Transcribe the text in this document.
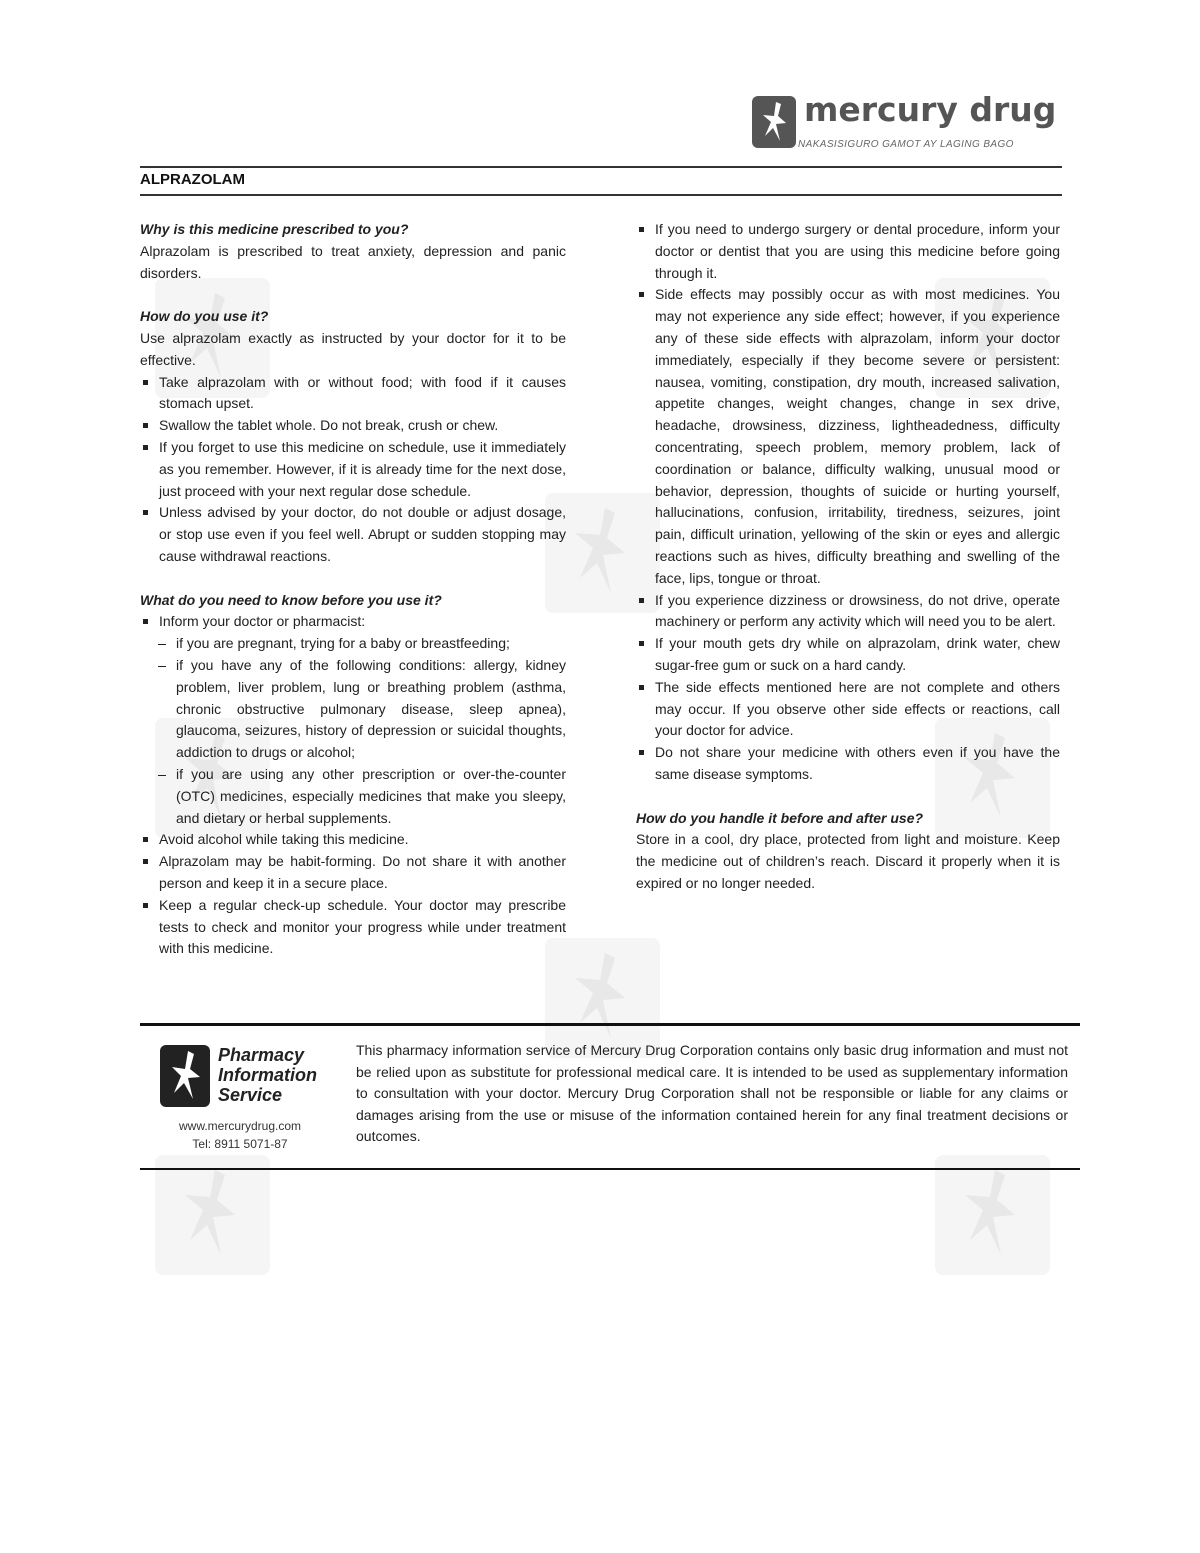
mercury drug
NAKASISIGURO GAMOT AY LAGING BAGO
ALPRAZOLAM
Why is this medicine prescribed to you?

Alprazolam is prescribed to treat anxiety, depression and panic disorders.

How do you use it?

Use alprazolam exactly as instructed by your doctor for it to be effective.

Take alprazolam with or without food; with food if it causes stomach upset.
Swallow the tablet whole. Do not break, crush or chew.
If you forget to use this medicine on schedule, use it immediately as you remember. However, if it is already time for the next dose, just proceed with your next regular dose schedule.
Unless advised by your doctor, do not double or adjust dosage, or stop use even if you feel well. Abrupt or sudden stopping may cause withdrawal reactions.
What do you need to know before you use it?
Inform your doctor or pharmacist:
if you are pregnant, trying for a baby or breastfeeding;
if you have any of the following conditions: allergy, kidney problem, liver problem, lung or breathing problem (asthma, chronic obstructive pulmonary disease, sleep apnea), glaucoma, seizures, history of depression or suicidal thoughts, addiction to drugs or alcohol;
if you are using any other prescription or over-the-counter (OTC) medicines, especially medicines that make you sleepy, and dietary or herbal supplements.
Avoid alcohol while taking this medicine.
Alprazolam may be habit-forming. Do not share it with another person and keep it in a secure place.
Keep a regular check-up schedule. Your doctor may prescribe tests to check and monitor your progress while under treatment with this medicine.
If you need to undergo surgery or dental procedure, inform your doctor or dentist that you are using this medicine before going through it.
Side effects may possibly occur as with most medicines. You may not experience any side effect; however, if you experience any of these side effects with alprazolam, inform your doctor immediately, especially if they become severe or persistent: nausea, vomiting, constipation, dry mouth, increased salivation, appetite changes, weight changes, change in sex drive, headache, drowsiness, dizziness, lightheadedness, difficulty concentrating, speech problem, memory problem, lack of coordination or balance, difficulty walking, unusual mood or behavior, depression, thoughts of suicide or hurting yourself, hallucinations, confusion, irritability, tiredness, seizures, joint pain, difficult urination, yellowing of the skin or eyes and allergic reactions such as hives, difficulty breathing and swelling of the face, lips, tongue or throat.
If you experience dizziness or drowsiness, do not drive, operate machinery or perform any activity which will need you to be alert.
If your mouth gets dry while on alprazolam, drink water, chew sugar-free gum or suck on a hard candy.
The side effects mentioned here are not complete and others may occur. If you observe other side effects or reactions, call your doctor for advice.
Do not share your medicine with others even if you have the same disease symptoms.
How do you handle it before and after use?

Store in a cool, dry place, protected from light and moisture. Keep the medicine out of children’s reach. Discard it properly when it is expired or no longer needed.

Pharmacy
Information
Service
www.mercurydrug.com
Tel: 8911 5071-87
This pharmacy information service of Mercury Drug Corporation contains only basic drug information and must not be relied upon as substitute for professional medical care. It is intended to be used as supplementary information to consultation with your doctor. Mercury Drug Corporation shall not be responsible or liable for any claims or damages arising from the use or misuse of the information contained herein for any final treatment decisions or outcomes.
